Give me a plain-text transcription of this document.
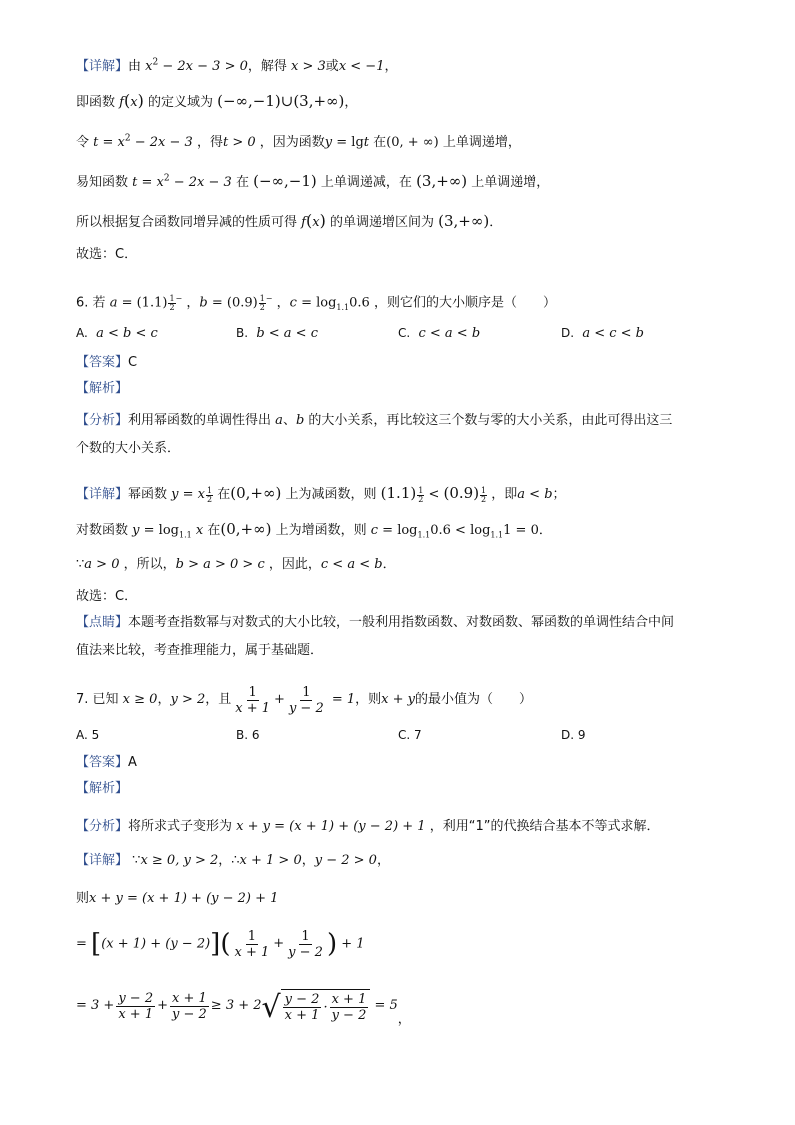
【详解】由 $x^2 - 2x - 3 > 0$，解得 x > 3或x < −1，
即函数 f(x) 的定义域为 (−∞,−1)∪(3,+∞)，
令 $t = x^2 - 2x - 3$ ，得t > 0 ，因为函数y = lgt 在(0, + ∞) 上单调递增，
易知函数 $t = x^2 - 2x - 3$ 在 (−∞,−1) 上单调递减，在 (3,+∞) 上单调递增，
所以根据复合函数同增异减的性质可得 f(x) 的单调递增区间为 (3,+∞)．
故选：C．
6. 若 $a = (1.1) \frac{1}{2} ^-$ ，$b = (0.9) \frac{1}{2} ^-$ ，$c = \log_{1.1}0.6$ ，则它们的大小顺序是（　　）
A. a < b < c	B. b < a < c	C. c < a < b	D. a < c < b
【答案】C
【解析】
【分析】利用幂函数的单调性得出 a、b 的大小关系，再比较这三个数与零的大小关系，由此可得出这三
个数的大小关系．
【详解】幂函数 y = x $\frac{1}{2}$ 在(0,+∞) 上为减函数，则 $(1.1) \frac{1}{2} < (0.9) \frac{1}{2}$ ，即a < b；
对数函数 $y = \log_{1.1} x$ 在(0,+∞) 上为增函数，则 $c = \log_{1.1}0.6 < \log_{1.1}1 = 0$．
∵a > 0 ，所以，b > a > 0 > c ，因此，c < a < b．
故选：C．
【点睛】本题考查指数幂与对数式的大小比较，一般利用指数函数、对数函数、幂函数的单调性结合中间
值法来比较，考查推理能力，属于基础题．
7. 已知 x ≥ 0 ， y > 2 ，且 $\frac{1}{x + 1} + \frac{1}{y - 2} = 1$ ，则 x + y 的最小值为（　　）
A. 5	B. 6	C. 7	D. 9
【答案】A
【解析】
【分析】将所求式子变形为 x + y = (x + 1) + (y − 2) + 1 ，利用“1”的代换结合基本不等式求解．
【详解】 ∵x ≥ 0, y > 2，∴x + 1 > 0，y − 2 > 0，
则x + y = (x + 1) + (y − 2) + 1
= $[(x + 1) + (y - 2)]( \frac{1}{x + 1} + \frac{1}{y - 2}$ ) + 1
= $3 + \frac{y - 2}{x + 1} + \frac{x + 1}{y - 2} \ge 3 + 2$ √ $\frac{y - 2}{x + 1} \cdot \frac{x + 1}{y - 2} = 5$
，
